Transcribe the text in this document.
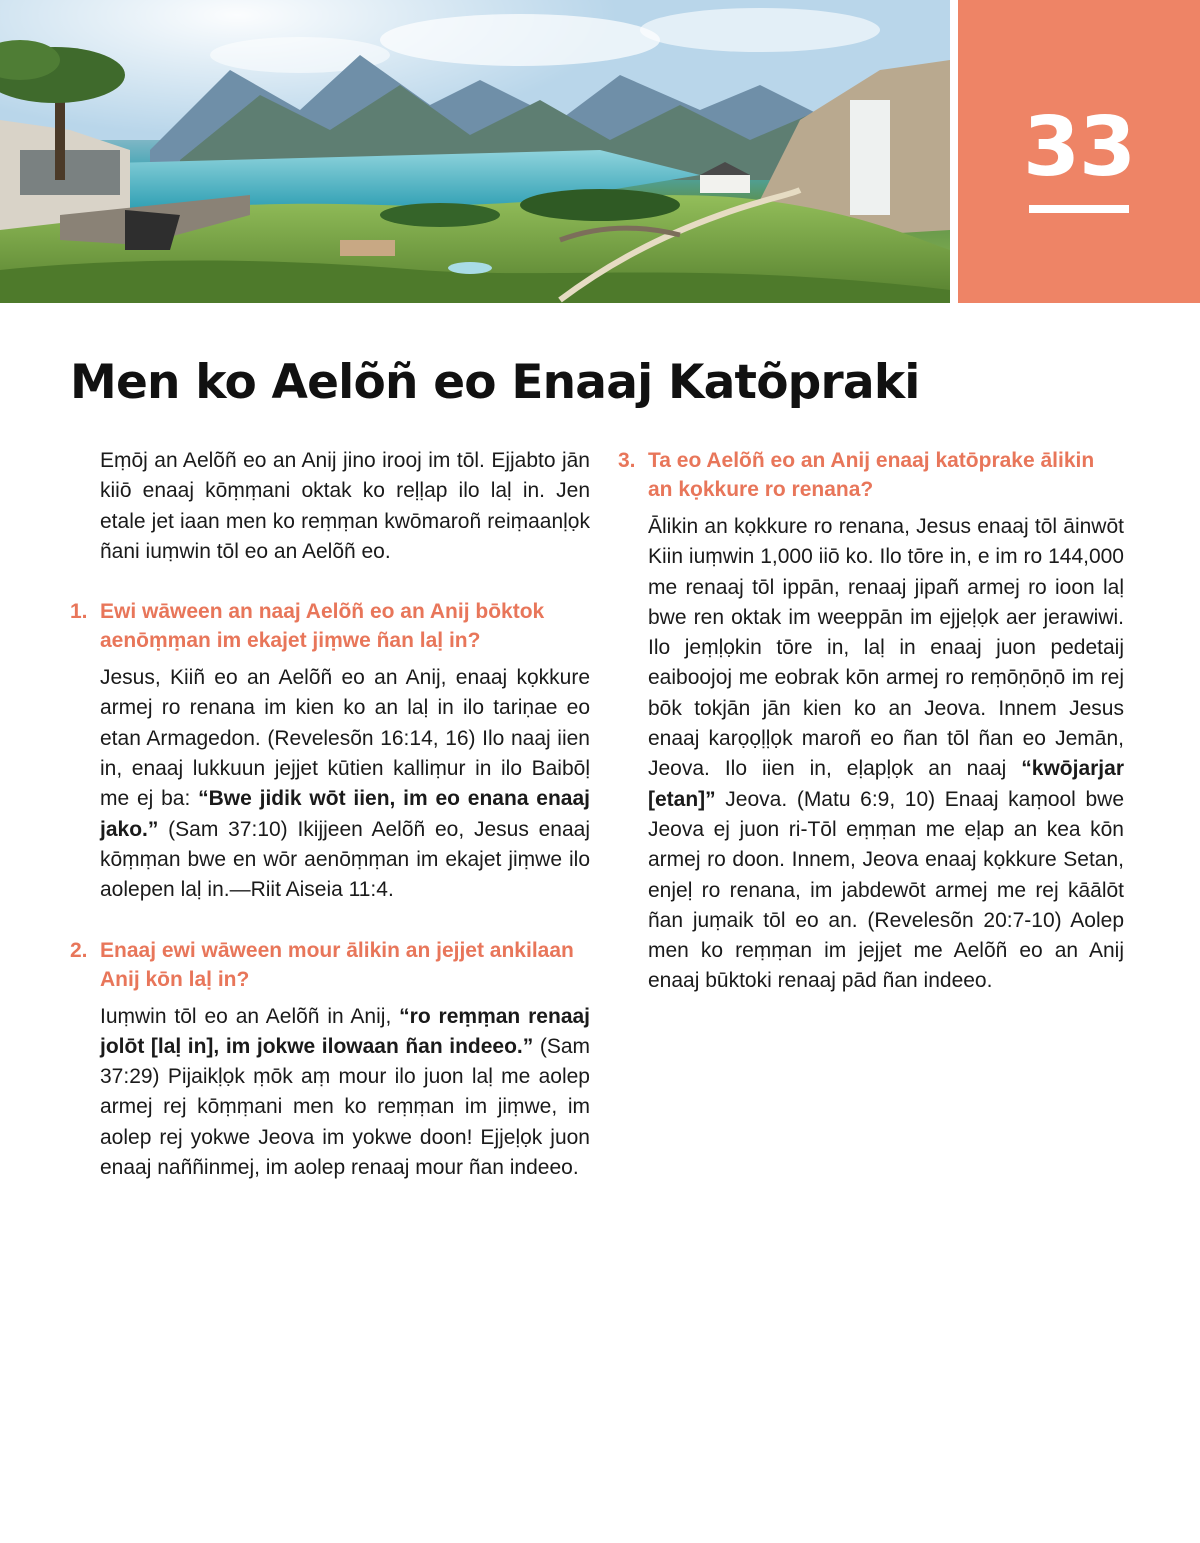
33
Men ko Aelõñ eo Enaaj Katõpraki

Eṃōj an Aelõñ eo an Anij jino irooj im tōl. Ejjabto jān kiiō enaaj kōṃṃani oktak ko reḷḷap ilo laḷ in. Jen etale jet iaan men ko reṃṃan kwōmaroñ reiṃaanḷọk ñani iuṃwin tōl eo an Aelõñ eo.

1. Ewi wāween an naaj Aelõñ eo an Anij bōktok aenōṃṃan im ekajet jiṃwe ñan laḷ in?

Jesus, Kiiñ eo an Aelõñ eo an Anij, enaaj kọkkure armej ro renana im kien ko an laḷ in ilo tariṇae eo etan Armagedon. (Revelesõn 16:14, 16) Ilo naaj iien in, enaaj lukkuun jejjet kūtien kalliṃur in ilo Baibōḷ me ej ba: “Bwe jidik wōt iien, im eo enana enaaj jako.” (Sam 37:10) Ikijjeen Aelõñ eo, Jesus enaaj kōṃṃan bwe en wōr aenōṃṃan im ekajet jiṃwe ilo aolepen laḷ in.—Riit Aiseia 11:4.

2. Enaaj ewi wāween mour ālikin an jejjet ankilaan Anij kōn laḷ in?

Iuṃwin tōl eo an Aelõñ in Anij, “ro reṃṃan renaaj jolōt [laḷ in], im jokwe ilowaan ñan indeeo.” (Sam 37:29) Pijaikḷọk ṃōk aṃ mour ilo juon laḷ me aolep armej rej kōṃṃani men ko reṃṃan im jiṃwe, im aolep rej yokwe Jeova im yokwe doon! Ejjeḷọk juon enaaj naññinmej, im aolep renaaj mour ñan indeeo.

3. Ta eo Aelõñ eo an Anij enaaj katōprake ālikin an kọkkure ro renana?

Ālikin an kọkkure ro renana, Jesus enaaj tōl āinwōt Kiin iuṃwin 1,000 iiō ko. Ilo tōre in, e im ro 144,000 me renaaj tōl ippān, renaaj jipañ armej ro ioon laḷ bwe ren oktak im weeppān im ejjeḷọk aer jerawiwi. Ilo jeṃḷọkin tōre in, laḷ in enaaj juon pedetaij eaiboojoj me eobrak kōn armej ro reṃōṇōṇō im rej bōk tokjān jān kien ko an Jeova. Innem Jesus enaaj karọọḷḷọk maroñ eo ñan tōl ñan eo Jemān, Jeova. Ilo iien in, eḷapḷọk an naaj “kwōjarjar [etan]” Jeova. (Matu 6:9, 10) Enaaj kaṃool bwe Jeova ej juon ri-Tōl eṃṃan me eḷap an kea kōn armej ro doon. Innem, Jeova enaaj kọkkure Setan, enjeḷ ro renana, im jabdewōt armej me rej kāālōt ñan juṃaik tōl eo an. (Revelesõn 20:7-10) Aolep men ko reṃṃan im jejjet me Aelõñ eo an Anij enaaj būktoki renaaj pād ñan indeeo.
